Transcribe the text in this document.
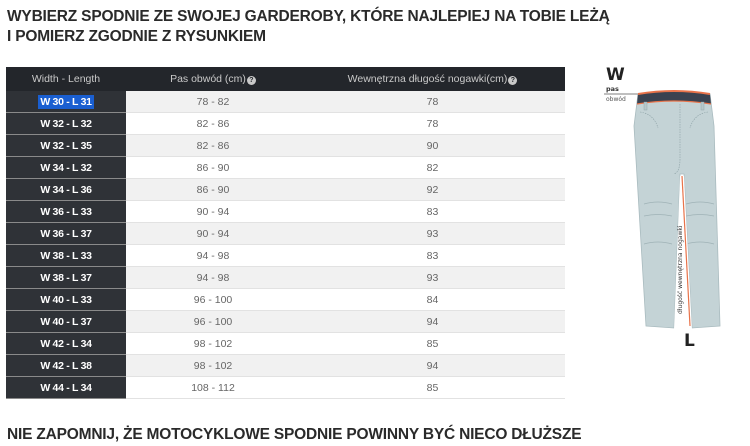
WYBIERZ SPODNIE ZE SWOJEJ GARDEROBY, KTÓRE NAJLEPIEJ NA TOBIE LEŻĄ
I POMIERZ ZGODNIE Z RYSUNKIEM
Width - Length	Pas obwód (cm) ?	Wewnętrzna długość nogawki(cm) ?
W 30 - L 31	78 - 82	78
W 32 - L 32	82 - 86	78
W 32 - L 35	82 - 86	90
W 34 - L 32	86 - 90	82
W 34 - L 36	86 - 90	92
W 36 - L 33	90 - 94	83
W 36 - L 37	90 - 94	93
W 38 - L 33	94 - 98	83
W 38 - L 37	94 - 98	93
W 40 - L 33	96 - 100	84
W 40 - L 37	96 - 100	94
W 42 - L 34	98 - 102	85
W 42 - L 38	98 - 102	94
W 44 - L 34	108 - 112	85
W
pas
obwód
długość wewnętrzna nogawki
L
NIE ZAPOMNIJ, ŻE MOTOCYKLOWE SPODNIE POWINNY BYĆ NIECO DŁUŻSZE
